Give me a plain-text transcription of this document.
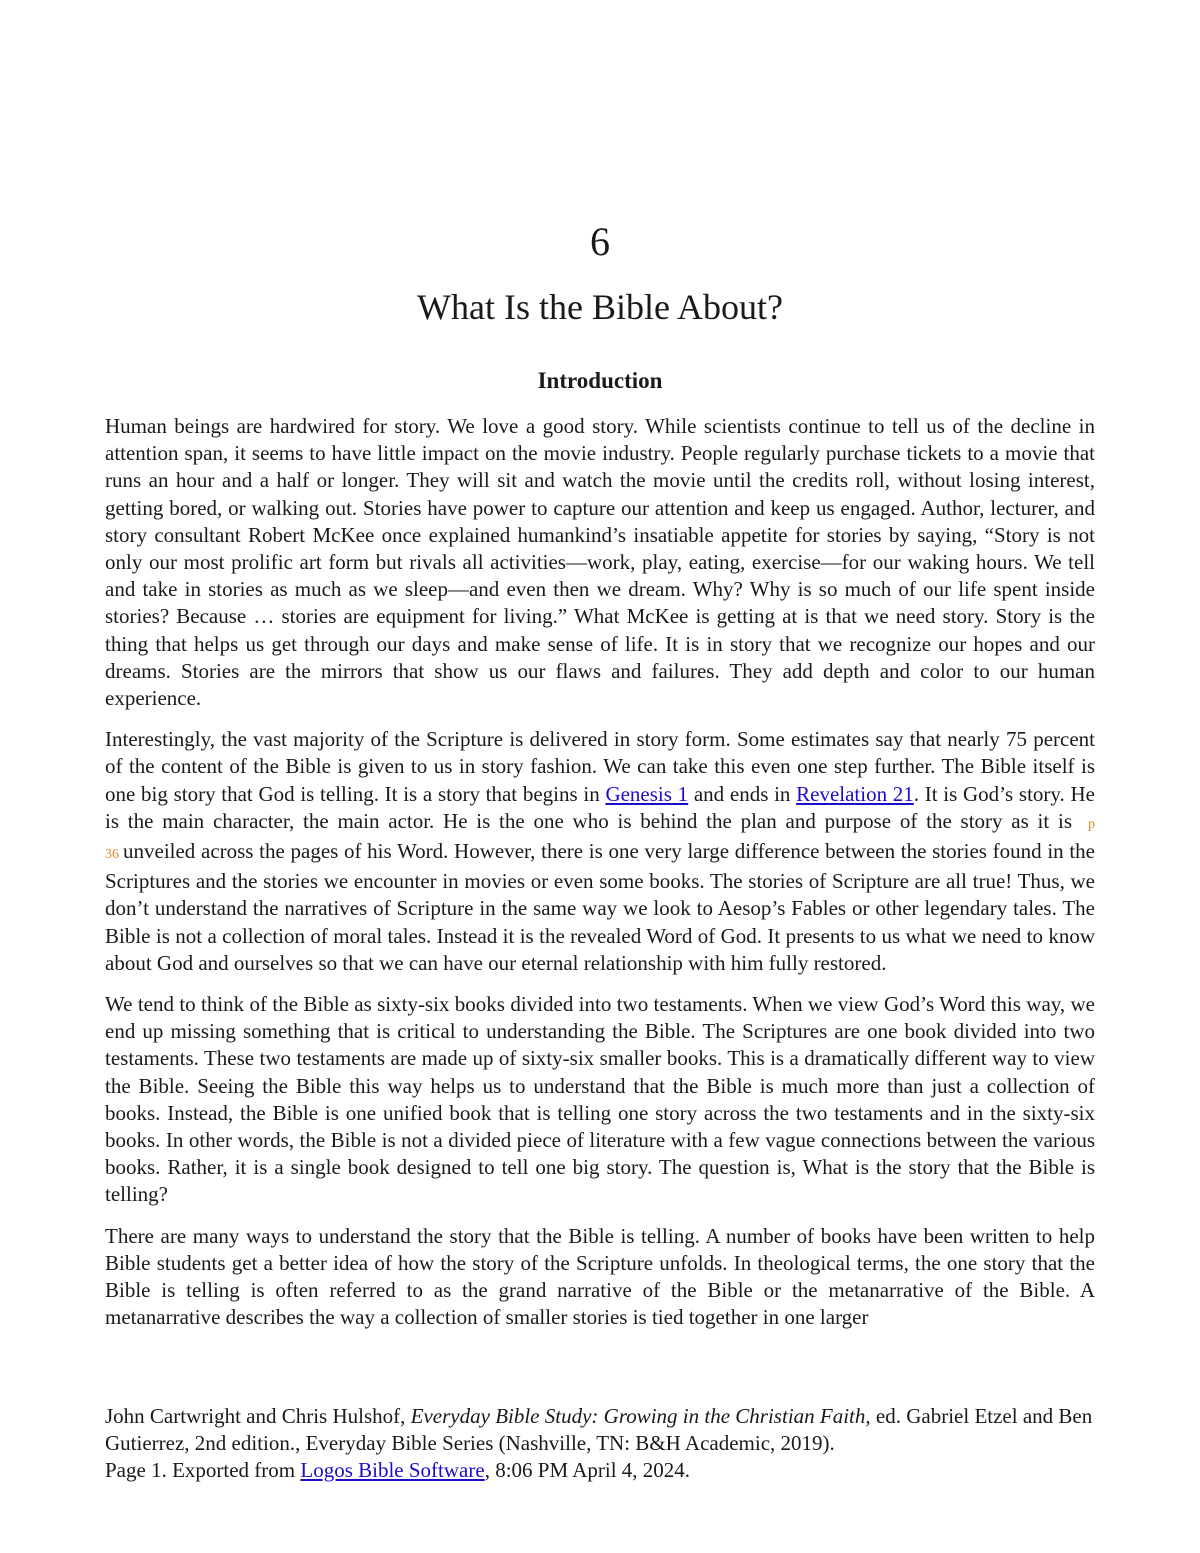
6
What Is the Bible About?
Introduction

Human beings are hardwired for story. We love a good story. While scientists continue to tell us of the decline in attention span, it seems to have little impact on the movie industry. People regularly purchase tickets to a movie that runs an hour and a half or longer. They will sit and watch the movie until the credits roll, without losing interest, getting bored, or walking out. Stories have power to capture our attention and keep us engaged. Author, lecturer, and story consultant Robert McKee once explained humankind’s insatiable appetite for stories by saying, “Story is not only our most prolific art form but rivals all activities—work, play, eating, exercise—for our waking hours. We tell and take in stories as much as we sleep—and even then we dream. Why? Why is so much of our life spent inside stories? Because … stories are equipment for living.” What McKee is getting at is that we need story. Story is the thing that helps us get through our days and make sense of life. It is in story that we recognize our hopes and our dreams. Stories are the mirrors that show us our flaws and failures. They add depth and color to our human experience.

Interestingly, the vast majority of the Scripture is delivered in story form. Some estimates say that nearly 75 percent of the content of the Bible is given to us in story fashion. We can take this even one step further. The Bible itself is one big story that God is telling. It is a story that begins in Genesis 1 and ends in Revelation 21. It is God’s story. He is the main character, the main actor. He is the one who is behind the plan and purpose of the story as it is p 36 unveiled across the pages of his Word. However, there is one very large difference between the stories found in the Scriptures and the stories we encounter in movies or even some books. The stories of Scripture are all true! Thus, we don’t understand the narratives of Scripture in the same way we look to Aesop’s Fables or other legendary tales. The Bible is not a collection of moral tales. Instead it is the revealed Word of God. It presents to us what we need to know about God and ourselves so that we can have our eternal relationship with him fully restored.

We tend to think of the Bible as sixty-six books divided into two testaments. When we view God’s Word this way, we end up missing something that is critical to understanding the Bible. The Scriptures are one book divided into two testaments. These two testaments are made up of sixty-six smaller books. This is a dramatically different way to view the Bible. Seeing the Bible this way helps us to understand that the Bible is much more than just a collection of books. Instead, the Bible is one unified book that is telling one story across the two testaments and in the sixty-six books. In other words, the Bible is not a divided piece of literature with a few vague connections between the various books. Rather, it is a single book designed to tell one big story. The question is, What is the story that the Bible is telling?

There are many ways to understand the story that the Bible is telling. A number of books have been written to help Bible students get a better idea of how the story of the Scripture unfolds. In theological terms, the one story that the Bible is telling is often referred to as the grand narrative of the Bible or the metanarrative of the Bible. A metanarrative describes the way a collection of smaller stories is tied together in one larger

John Cartwright and Chris Hulshof, Everyday Bible Study: Growing in the Christian Faith, ed. Gabriel Etzel and Ben Gutierrez, 2nd edition., Everyday Bible Series (Nashville, TN: B&H Academic, 2019).
Page 1. Exported from Logos Bible Software, 8:06 PM April 4, 2024.
